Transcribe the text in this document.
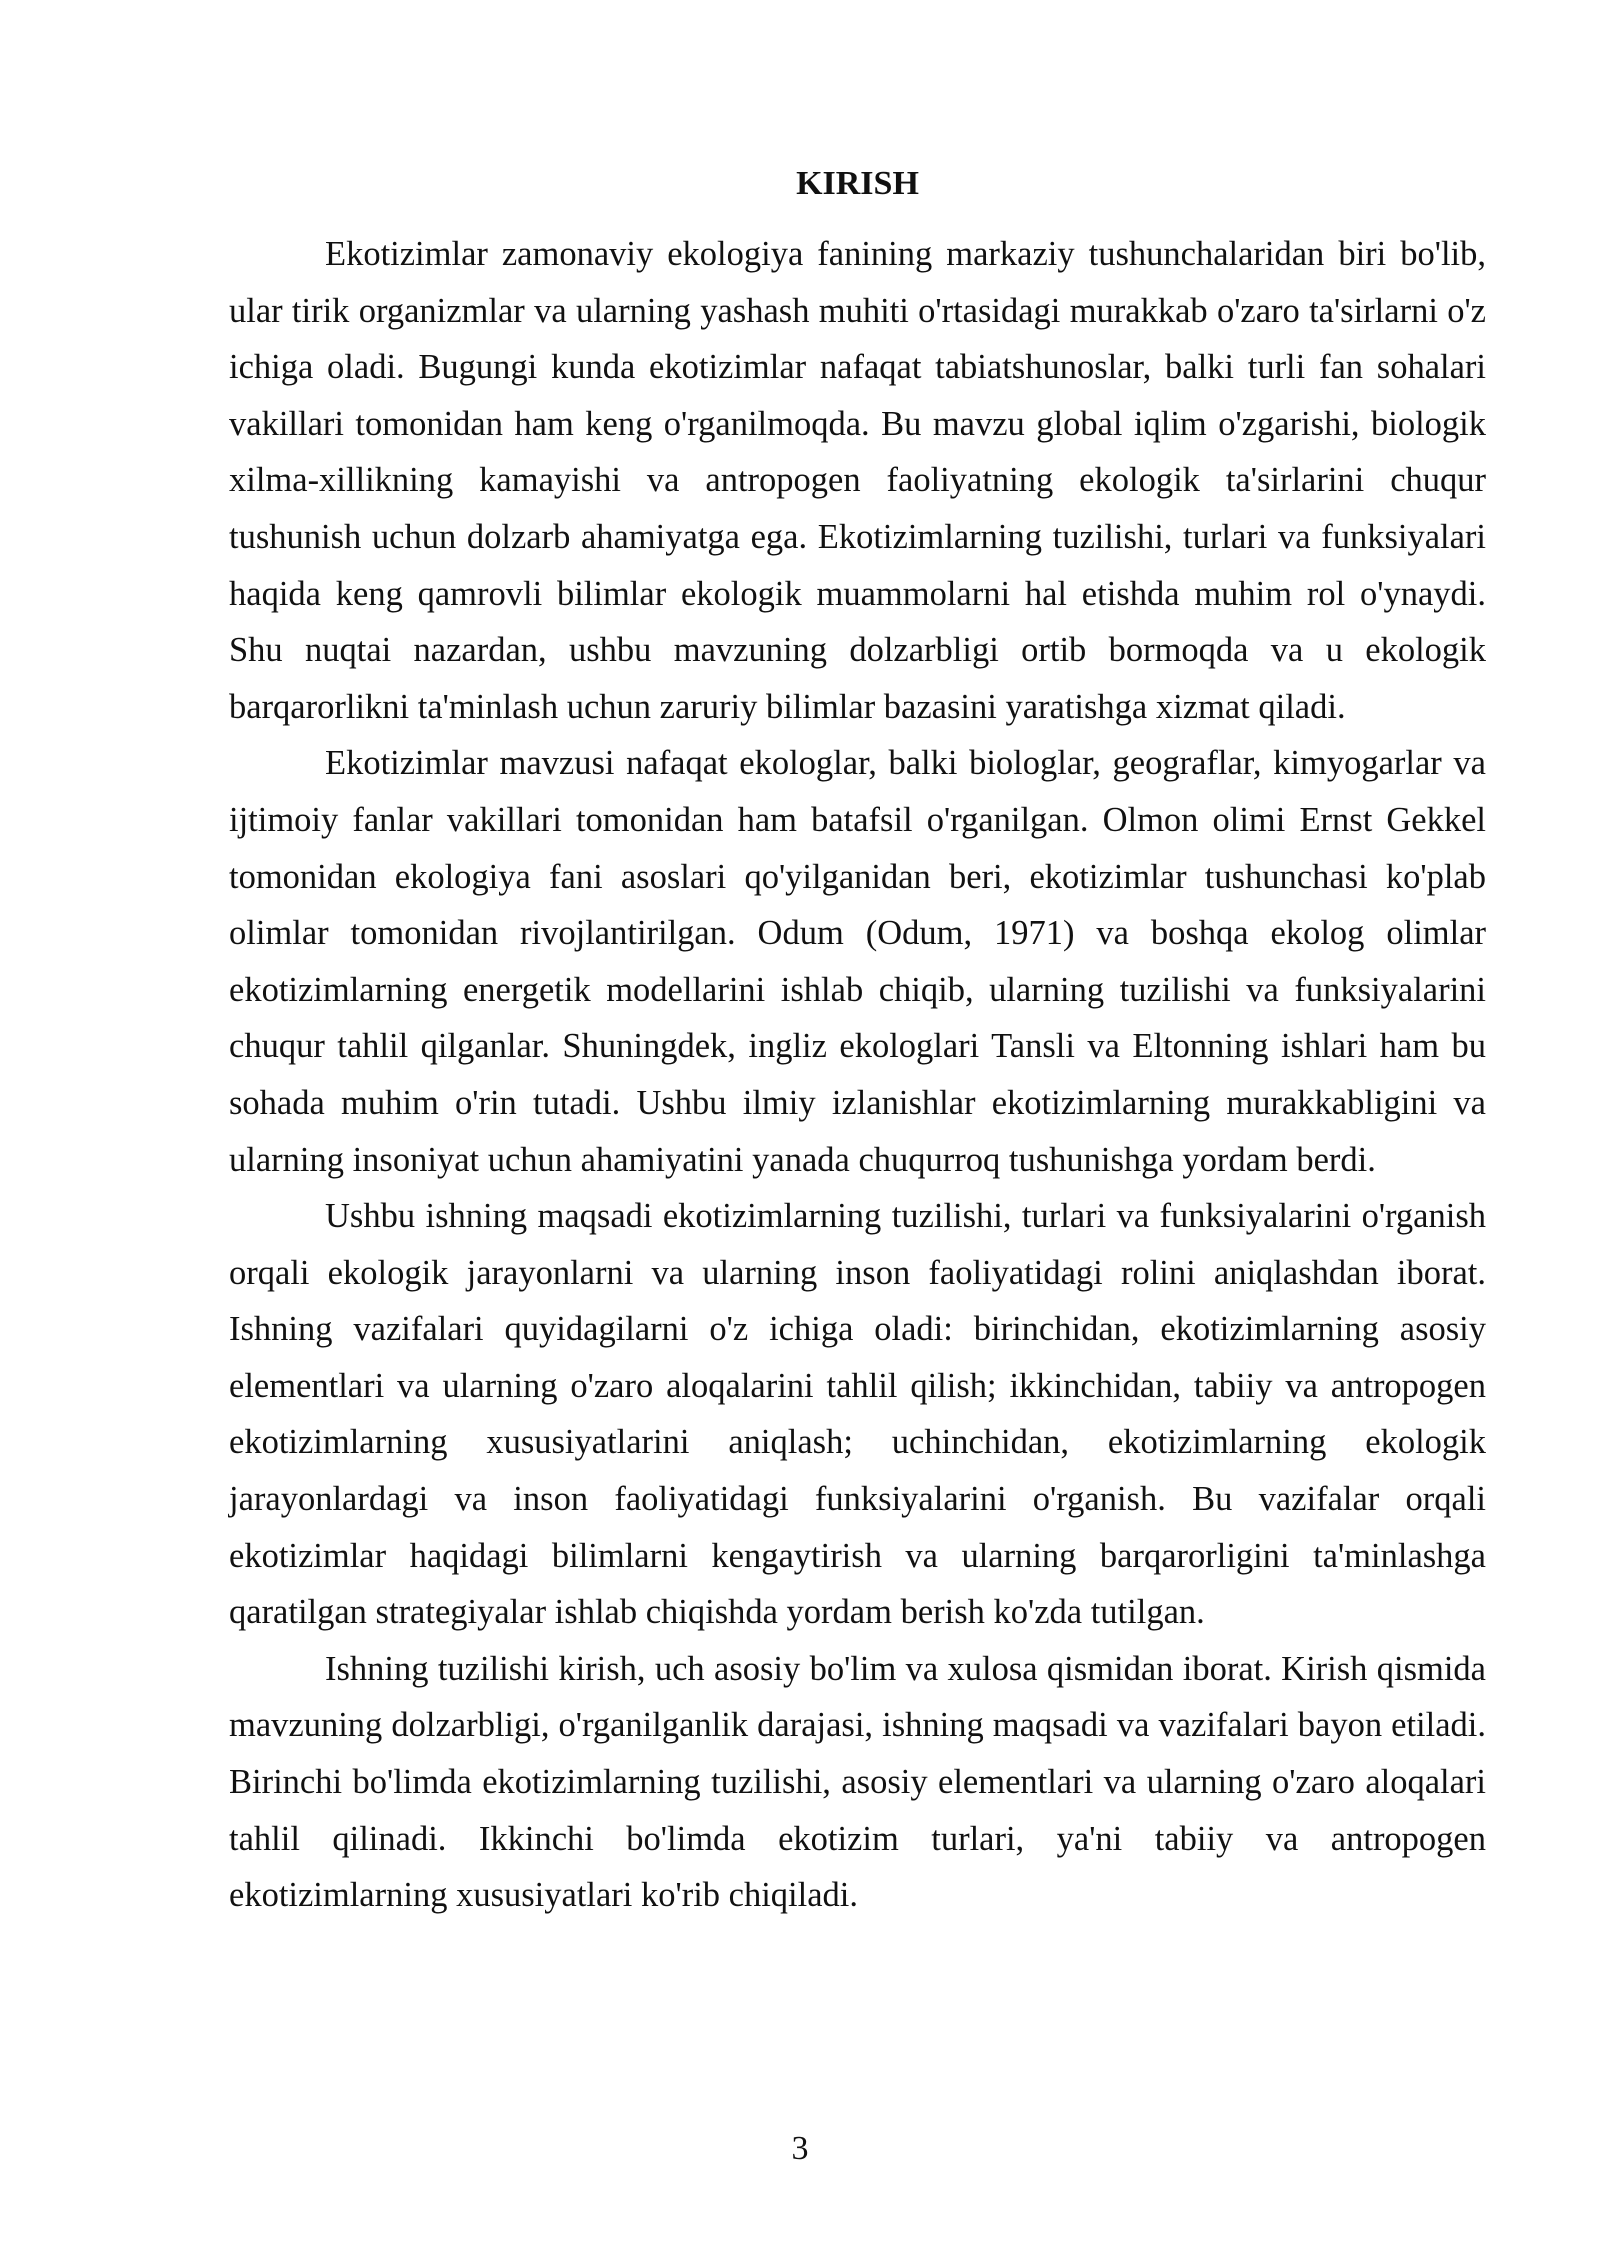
KIRISH

Ekotizimlar zamonaviy ekologiya fanining markaziy tushunchalaridan biri bo'lib, ular tirik organizmlar va ularning yashash muhiti o'rtasidagi murakkab o'zaro ta'sirlarni o'z ichiga oladi. Bugungi kunda ekotizimlar nafaqat tabiatshunoslar, balki turli fan sohalari vakillari tomonidan ham keng o'rganilmoqda. Bu mavzu global iqlim o'zgarishi, biologik xilma-xillikning kamayishi va antropogen faoliyatning ekologik ta'sirlarini chuqur tushunish uchun dolzarb ahamiyatga ega. Ekotizimlarning tuzilishi, turlari va funksiyalari haqida keng qamrovli bilimlar ekologik muammolarni hal etishda muhim rol o'ynaydi. Shu nuqtai nazardan, ushbu mavzuning dolzarbligi ortib bormoqda va u ekologik barqarorlikni ta'minlash uchun zaruriy bilimlar bazasini yaratishga xizmat qiladi.

Ekotizimlar mavzusi nafaqat ekologlar, balki biologlar, geograflar, kimyogarlar va ijtimoiy fanlar vakillari tomonidan ham batafsil o'rganilgan. Olmon olimi Ernst Gekkel tomonidan ekologiya fani asoslari qo'yilganidan beri, ekotizimlar tushunchasi ko'plab olimlar tomonidan rivojlantirilgan. Odum (Odum, 1971) va boshqa ekolog olimlar ekotizimlarning energetik modellarini ishlab chiqib, ularning tuzilishi va funksiyalarini chuqur tahlil qilganlar. Shuningdek, ingliz ekologlari Tansli va Eltonning ishlari ham bu sohada muhim o'rin tutadi. Ushbu ilmiy izlanishlar ekotizimlarning murakkabligini va ularning insoniyat uchun ahamiyatini yanada chuqurroq tushunishga yordam berdi.

Ushbu ishning maqsadi ekotizimlarning tuzilishi, turlari va funksiyalarini o'rganish orqali ekologik jarayonlarni va ularning inson faoliyatidagi rolini aniqlashdan iborat. Ishning vazifalari quyidagilarni o'z ichiga oladi: birinchidan, ekotizimlarning asosiy elementlari va ularning o'zaro aloqalarini tahlil qilish; ikkinchidan, tabiiy va antropogen ekotizimlarning xususiyatlarini aniqlash; uchinchidan, ekotizimlarning ekologik jarayonlardagi va inson faoliyatidagi funksiyalarini o'rganish. Bu vazifalar orqali ekotizimlar haqidagi bilimlarni kengaytirish va ularning barqarorligini ta'minlashga qaratilgan strategiyalar ishlab chiqishda yordam berish ko'zda tutilgan.

Ishning tuzilishi kirish, uch asosiy bo'lim va xulosa qismidan iborat. Kirish qismida mavzuning dolzarbligi, o'rganilganlik darajasi, ishning maqsadi va vazifalari bayon etiladi. Birinchi bo'limda ekotizimlarning tuzilishi, asosiy elementlari va ularning o'zaro aloqalari tahlil qilinadi. Ikkinchi bo'limda ekotizim turlari, ya'ni tabiiy va antropogen ekotizimlarning xususiyatlari ko'rib chiqiladi.

3
